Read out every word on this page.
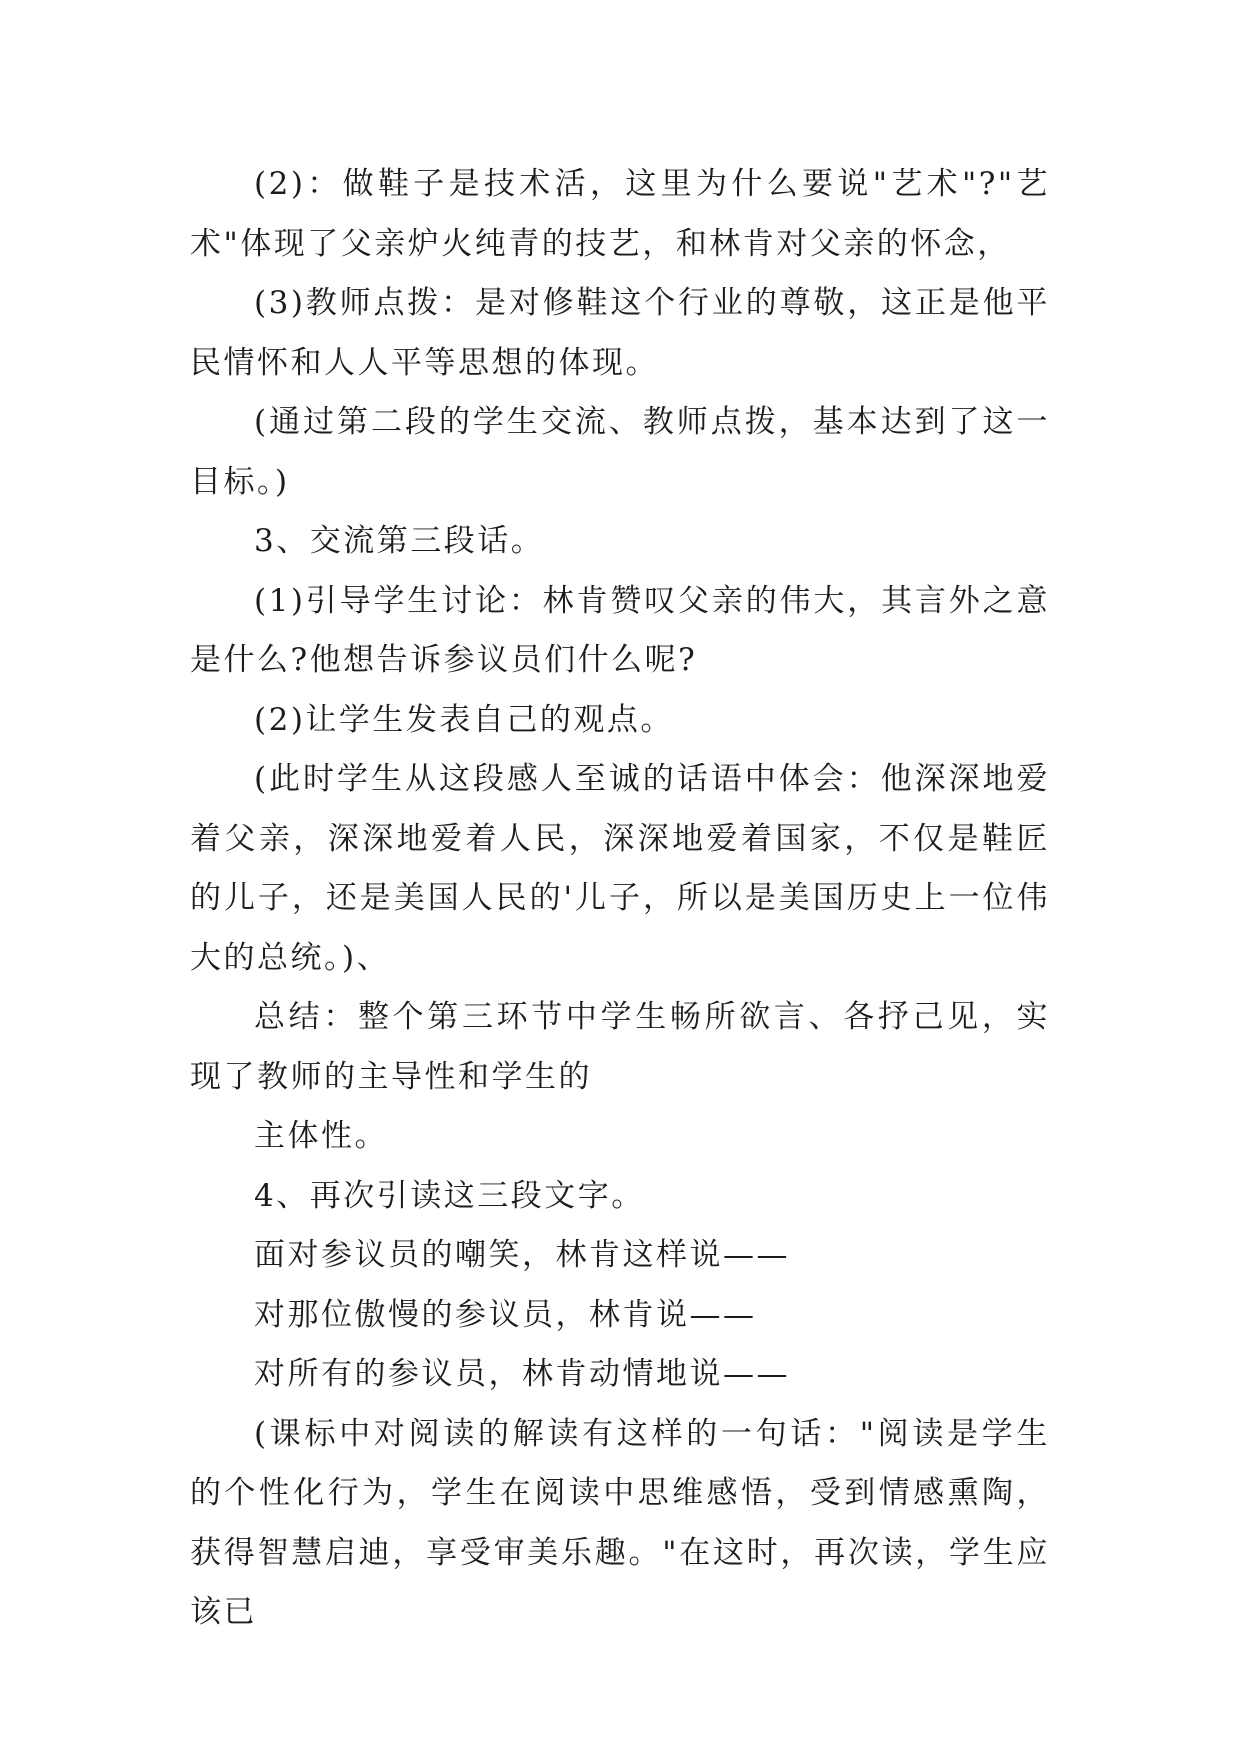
(2)：做鞋子是技术活，这里为什么要说"艺术"?"艺术"体现了父亲炉火纯青的技艺，和林肯对父亲的怀念，

(3)教师点拨：是对修鞋这个行业的尊敬，这正是他平民情怀和人人平等思想的体现。

(通过第二段的学生交流、教师点拨，基本达到了这一目标。)

3、交流第三段话。

(1)引导学生讨论：林肯赞叹父亲的伟大，其言外之意是什么?他想告诉参议员们什么呢?

(2)让学生发表自己的观点。

(此时学生从这段感人至诚的话语中体会：他深深地爱着父亲，深深地爱着人民，深深地爱着国家，不仅是鞋匠的儿子，还是美国人民的'儿子，所以是美国历史上一位伟大的总统。)、

总结：整个第三环节中学生畅所欲言、各抒己见，实现了教师的主导性和学生的

主体性。

4、再次引读这三段文字。

面对参议员的嘲笑，林肯这样说——

对那位傲慢的参议员，林肯说——

对所有的参议员，林肯动情地说——

(课标中对阅读的解读有这样的一句话："阅读是学生的个性化行为，学生在阅读中思维感悟，受到情感熏陶，获得智慧启迪，享受审美乐趣。"在这时，再次读，学生应该已
